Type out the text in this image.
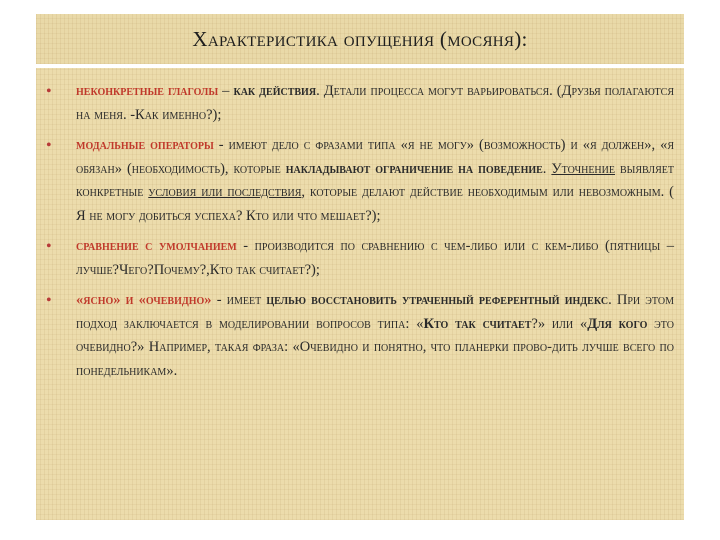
Характеристика опущения (мосяня):
• неконкретные глаголы – как действия. Детали процесса могут варьироваться. (Друзья полагаются на меня. -Как именно?);
• модальные операторы - имеют дело с фразами типа «я не могу» (возможность) и «я должен», «я обязан» (необходимость), которые накладывают ограничение на поведение. Уточнение выявляет конкретные условия или последствия, которые делают действие необходимым или невозможным. ( Я не могу добиться успеха? Кто или что мешает?);
• сравнение с умолчанием - производится по сравнению с чем-либо или с кем-либо (пятницы – лучше?Чего?Почему?,Кто так считает?);
• «ясно» и «очевидно» - имеет целью восстановить утраченный референтный индекс. При этом подход заключается в моделировании вопросов типа: «Кто так считает?» или «Для кого это очевидно?» Например, такая фраза: «Очевидно и понятно, что планерки прово-дить лучше всего по понедельникам».
